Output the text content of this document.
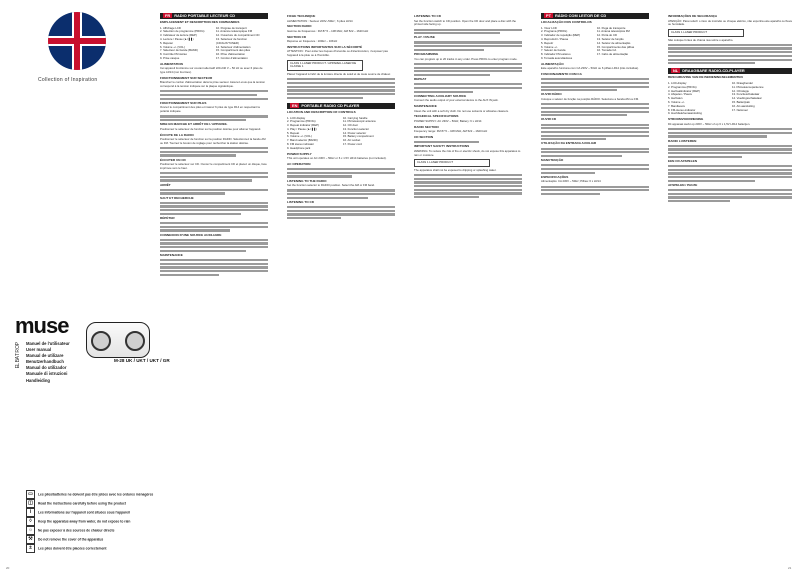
Collection of Inspiration
muse
P
O
R
T
A
B
L
E
Manuel de l'utilisateur
User manual
Manual de utilizare
Benutzerhandbuch
Manual do utilizador
Manuale di istruzioni
Handleiding
M-28 UK / UKT / UKT / GR
▭ Les piles/batteries ne doivent pas être jetées avec les ordures ménagères
◫ Read the instructions carefully before using the product
i Les informations sur l'appareil sont situées sous l'appareil
◊ Keep the apparatus away from water, do not expose to rain
☼ Ne pas exposer à des sources de chaleur directe
⚒ Do not remove the cover of the apparatus
± Les piles doivent être placées correctement
FR RADIO PORTABLE LECTEUR CD
EMPLACEMENT ET DESCRIPTION DES COMMANDES

1. Affichage LCD

2. Sélection de programme (PROG)

3. Indicateur de lecture (REP)

4. Lecture / Pause (►/❚❚)

5. Répéter

6. Volume +/- (VOL)

7. Sélecteur de bande (BAND)

8. Contrôle FM stéréo

9. Prise casque

10. Poignée de transport

11. Antenne télescopique FM

12. Ouverture du compartiment CD

13. Sélecteur de fonction (CD/AUX/TUNER)

14. Sélecteur d'alimentation

15. Compartiment des piles

16. Prise d'alimentation

17. Cordon d'alimentation

ALIMENTATION
Cet appareil fonctionne sur courant alternatif 220-240 V ~ 50 Hz ou avec 6 piles de type LR14 (non fournies).
FONCTIONNEMENT SUR SECTEUR
Branchez le cordon d'alimentation dans la prise secteur. Assurez-vous que la tension correspond à la tension indiquée sur la plaque signalétique.
FONCTIONNEMENT SUR PILES
Ouvrez le compartiment des piles et insérez 6 piles de type R14 en respectant la polarité indiquée.
MISE EN MARCHE ET ARRÊT DE L'APPAREIL
Positionnez le sélecteur de fonction sur la position désirée pour allumer l'appareil.
ÉCOUTE DE LA RADIO
Positionnez le sélecteur de fonction sur la position RADIO. Sélectionnez la bande AM ou FM. Tournez le bouton de réglage pour rechercher la station désirée.
ÉCOUTER UN CD
Positionnez le sélecteur sur CD. Ouvrez le compartiment CD et placez un disque, face imprimée vers le haut.
ARRÊT
SAUT ET RECHERCHE
RÉPÉTER
CONNEXION D'UNE SOURCE AUXILIAIRE
MAINTENANCE
FICHE TECHNIQUE
ALIMENTATION : Secteur 220V~50Hz ; 6 piles LR14
SECTION RADIO
Gamme de fréquences : FM 87.5 – 108 MHz, AM 522 – 1620 kHz
SECTION CD
Réponse en fréquence : 100Hz – 16KHz
INSTRUCTIONS IMPORTANTES SUR LA SÉCURITÉ
ATTENTION : Pour éviter les risques d'incendie ou d'électrocution, n'exposez pas l'appareil à la pluie ou à l'humidité.
CLASS 1 LASER PRODUCT / APPAREIL LASER DE CLASSE 1
Placez l'appareil à l'abri de la lumière directe du soleil et de toute source de chaleur.
EN PORTABLE RADIO CD PLAYER
LOCATION AND DESCRIPTION OF CONTROLS

1. LCD display

2. Programme (PROG)

3. Repeat indicator (REP)

4. Play / Pause (►/❚❚)

5. Repeat

6. Volume +/- (VOL)

7. Band selector (BAND)

8. FM stereo indicator

9. Headphone jack

10. Carrying handle

11. FM telescopic antenna

12. CD door

13. Function selector

14. Power selector

15. Battery compartment

16. AC socket

17. Power cord

POWER SUPPLY
This unit operates on AC 230V ~ 50Hz or 6 x 1.5V LR14 batteries (not included).
AC OPERATION
LISTENING TO THE RADIO
Set the function selector to RADIO position. Select the AM or FM band.
LISTENING TO CD
LISTENING TO CD
Set the function switch to CD position. Open the CD door and place a disc with the printed side facing up.
PLAY / PAUSE
PROGRAMMING
You can program up to 20 tracks in any order. Press PROG to enter program mode.
REPEAT
CONNECTING AUXILIARY SOURCE
Connect the audio output of your external device to the AUX IN jack.
MAINTENANCE
Clean the unit with a soft dry cloth. Do not use solvents or abrasive cleaners.
TECHNICAL SPECIFICATIONS
POWER SUPPLY: AC 230V ~ 50Hz; Battery: 6 x LR14
RADIO SECTION
Frequency range: FM 87.5 – 108 MHz, AM 522 – 1620 kHz
CD SECTION
IMPORTANT SAFETY INSTRUCTIONS
WARNING: To reduce the risk of fire or electric shock, do not expose this apparatus to rain or moisture.
CLASS 1 LASER PRODUCT
The apparatus shall not be exposed to dripping or splashing water.
PT RÁDIO COM LEITOR DE CD
LOCALIZAÇÃO DOS CONTROLOS

1. Visor LCD

2. Programa (PROG)

3. Indicador de repetição (REP)

4. Reproduzir / Pausa

5. Repetir

6. Volume +/-

7. Seletor de banda

8. Indicador FM estéreo

9. Tomada auscultadores

10. Pega de transporte

11. Antena telescópica FM

12. Porta do CD

13. Seletor de função

14. Seletor de alimentação

15. Compartimento das pilhas

16. Tomada CA

17. Cabo de alimentação

ALIMENTAÇÃO
Este aparelho funciona com CA 230V ~ 50Hz ou 6 pilhas LR14 (não incluídas).
FUNCIONAMENTO COM CA
OUVIR RÁDIO
Coloque o seletor de função na posição RÁDIO. Selecione a banda AM ou FM.
OUVIR CD
UTILIZAÇÃO DA ENTRADA AUXILIAR
MANUTENÇÃO
ESPECIFICAÇÕES
Alimentação: CA 230V ~ 50Hz; Pilhas: 6 x LR14
INFORMAÇÕES DE SEGURANÇA
ATENÇÃO: Para reduzir o risco de incêndio ou choque elétrico, não exponha este aparelho à chuva ou humidade.
CLASS 1 LASER PRODUCT
Não coloque fontes de chama nua sobre o aparelho.
NL DRAAGBARE RADIO-CD-PLAYER
BESCHRIJVING VAN DE BEDIENINGSELEMENTEN

1. LCD-display

2. Programma (PROG)

3. Herhaalindicator (REP)

4. Afspelen / Pauze

5. Herhalen

6. Volume +/-

7. Bandkeuze

8. FM-stereo-indicator

9. Hoofdtelefoonaansluiting

10. Draaghendel

11. FM-telescoopantenne

12. CD-klepje

13. Functieschakelaar

14. Voedingsschakelaar

15. Batterijvak

16. AC-aansluiting

17. Netsnoer

STROOMVOORZIENING
Dit apparaat werkt op 230V ~ 50Hz of op 6 x 1,5V LR14 batterijen.
RADIO LUISTEREN
EEN CD AFSPELEN
AFSPELEN / PAUZE
20	21
